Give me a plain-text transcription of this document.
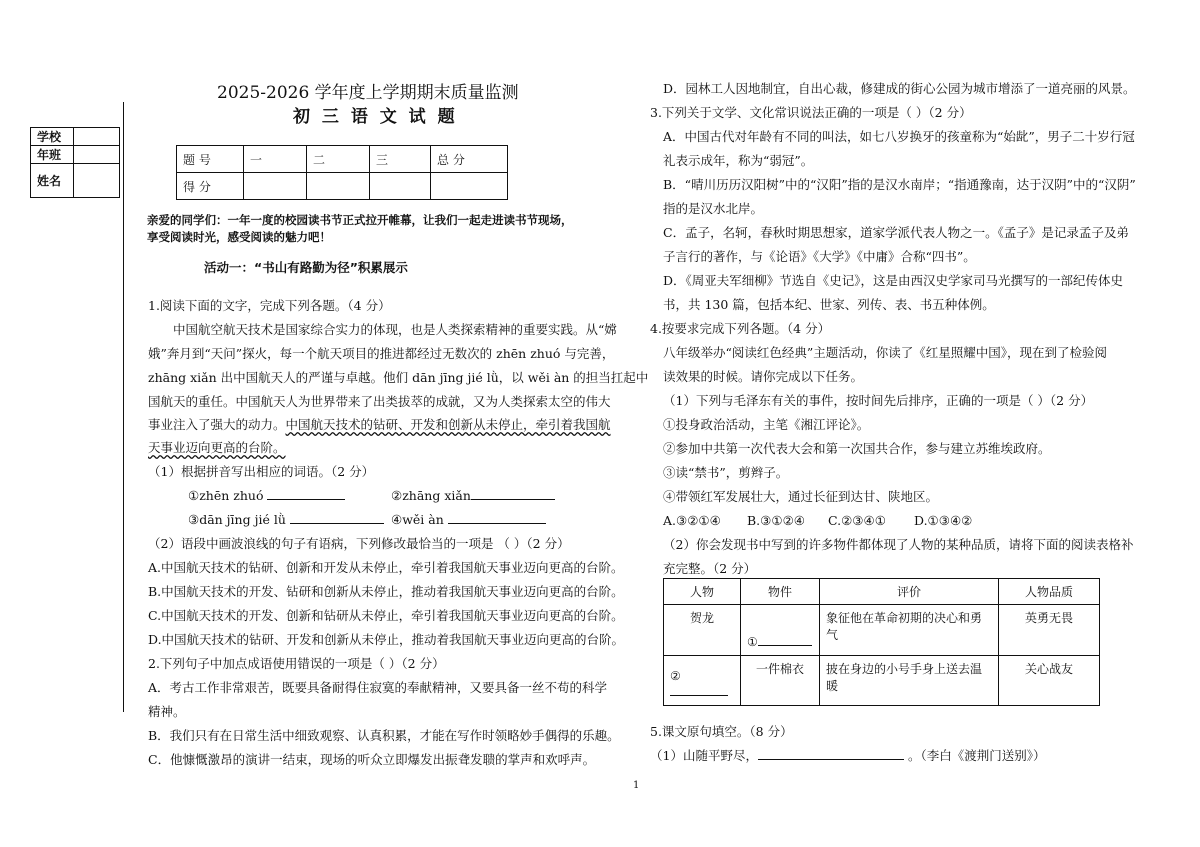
学校	
年班	
姓名	
2025-2026 学年度上学期期末质量监测
初 三 语 文 试 题
题 号	一	二	三	总 分
得 分				
亲爱的同学们：一年一度的校园读书节正式拉开帷幕，让我们一起走进读书节现场，
享受阅读时光，感受阅读的魅力吧！
活动一：“书山有路勤为径”积累展示
1.阅读下面的文字，完成下列各题。（4 分）
中国航空航天技术是国家综合实力的体现，也是人类探索精神的重要实践。从“嫦
娥”奔月到“天问”探火，每一个航天项目的推进都经过无数次的 zhēn zhuó 与完善，
zhāng xiǎn 出中国航天人的严谨与卓越。他们 dān jīng jié lǜ，以 wěi àn 的担当扛起中
国航天的重任。中国航天人为世界带来了出类拔萃的成就，又为人类探索太空的伟大
事业注入了强大的动力。中国航天技术的钻研、开发和创新从未停止，牵引着我国航
天事业迈向更高的台阶。
（1）根据拼音写出相应的词语。（2 分）
①zhēn zhuó	②zhāng xiǎn
③dān jīng jié lǜ	④wěi àn
（2）语段中画波浪线的句子有语病，下列修改最恰当的一项是 （ ）（2 分）
A.中国航天技术的钻研、创新和开发从未停止，牵引着我国航天事业迈向更高的台阶。
B.中国航天技术的开发、钻研和创新从未停止，推动着我国航天事业迈向更高的台阶。
C.中国航天技术的开发、创新和钻研从未停止，牵引着我国航天事业迈向更高的台阶。
D.中国航天技术的钻研、开发和创新从未停止，推动着我国航天事业迈向更高的台阶。
2.下列句子中加点成语使用错误的一项是（ ）（2 分）
A．考古工作非常艰苦，既要具备耐得住寂寞的奉献精神，又要具备一丝不苟的科学
精神。
B．我们只有在日常生活中细致观察、认真积累，才能在写作时领略妙手偶得的乐趣。
C．他慷慨激昂的演讲一结束，现场的听众立即爆发出振聋发聩的掌声和欢呼声。
D．园林工人因地制宜，自出心裁，修建成的街心公园为城市增添了一道亮丽的风景。
3.下列关于文学、文化常识说法正确的一项是（ ）（2 分）
A．中国古代对年龄有不同的叫法，如七八岁换牙的孩童称为“始龀”，男子二十岁行冠
礼表示成年，称为“弱冠”。
B．“晴川历历汉阳树”中的“汉阳”指的是汉水南岸；“指通豫南，达于汉阴”中的“汉阴”
指的是汉水北岸。
C．孟子，名轲，春秋时期思想家，道家学派代表人物之一。《孟子》是记录孟子及弟
子言行的著作，与《论语》《大学》《中庸》合称“四书”。
D．《周亚夫军细柳》节选自《史记》，这是由西汉史学家司马光撰写的一部纪传体史
书，共 130 篇，包括本纪、世家、列传、表、书五种体例。
4.按要求完成下列各题。（4 分）
八年级举办“阅读红色经典”主题活动，你读了《红星照耀中国》，现在到了检验阅
读效果的时候。请你完成以下任务。
（1）下列与毛泽东有关的事件，按时间先后排序，正确的一项是（ ）（2 分）
①投身政治活动，主笔《湘江评论》。
②参加中共第一次代表大会和第一次国共合作，参与建立苏维埃政府。
③读“禁书”，剪辫子。
④带领红军发展壮大，通过长征到达甘、陕地区。
A.③②①④ B.③①②④ C.②③④① D.①③④②
（2）你会发现书中写到的许多物件都体现了人物的某种品质，请将下面的阅读表格补
充完整。（2 分）
人物	物件	评价	人物品质
贺龙	①	象征他在革命初期的决心和勇气	英勇无畏
②	一件棉衣	披在身边的小号手身上送去温暖	关心战友
5.课文原句填空。（8 分）
（1）山随平野尽，	。（李白《渡荆门送别》）
1
